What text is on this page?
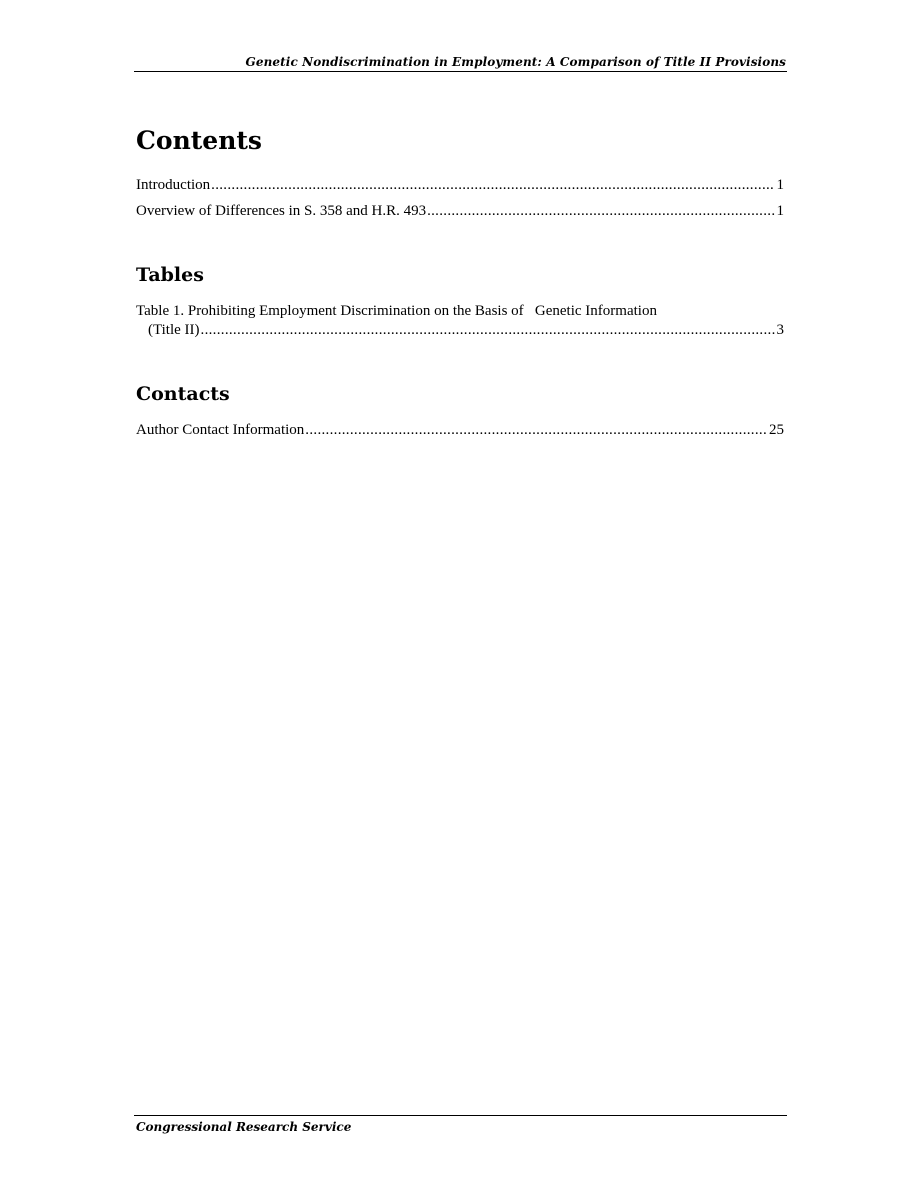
Genetic Nondiscrimination in Employment: A Comparison of Title II Provisions
Contents
Introduction .....	1
Overview of Differences in S. 358 and H.R. 493 .....	1
Tables
Table 1. Prohibiting Employment Discrimination on the Basis of   Genetic Information
(Title II) .....	3
Contacts
Author Contact Information .....	25
Congressional Research Service
